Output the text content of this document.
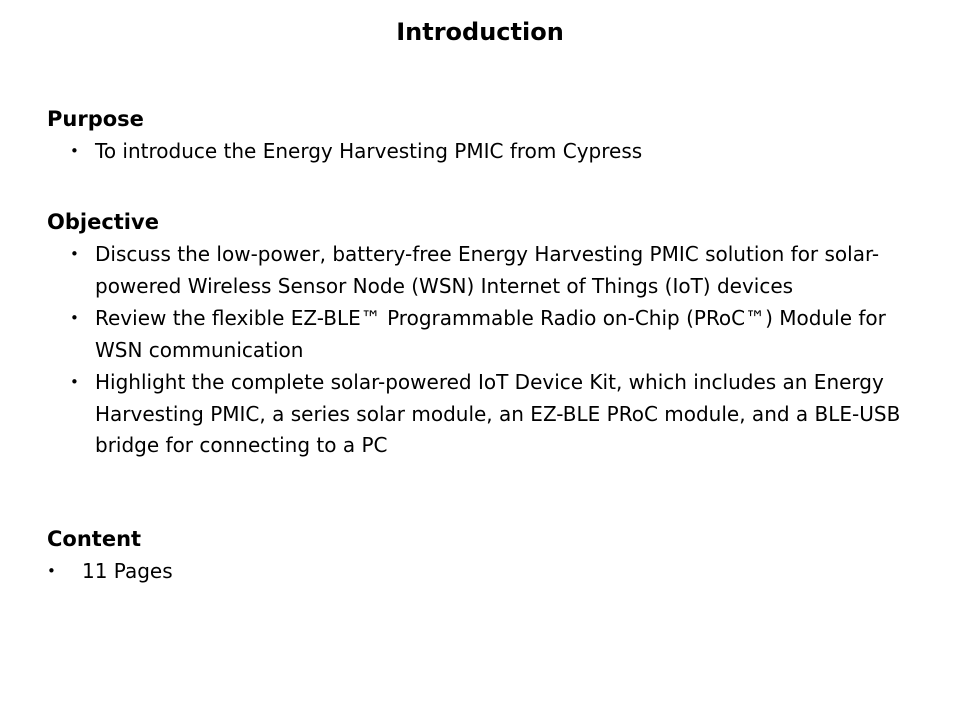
Introduction
Purpose
• To introduce the Energy Harvesting PMIC from Cypress
Objective
• Discuss the low-power, battery-free Energy Harvesting PMIC solution for solar-powered Wireless Sensor Node (WSN) Internet of Things (IoT) devices
• Review the flexible EZ-BLE™ Programmable Radio on-Chip (PRoC™) Module for WSN communication
• Highlight the complete solar-powered IoT Device Kit, which includes an Energy Harvesting PMIC, a series solar module, an EZ-BLE PRoC module, and a BLE-USB bridge for connecting to a PC
Content
• 11 Pages
